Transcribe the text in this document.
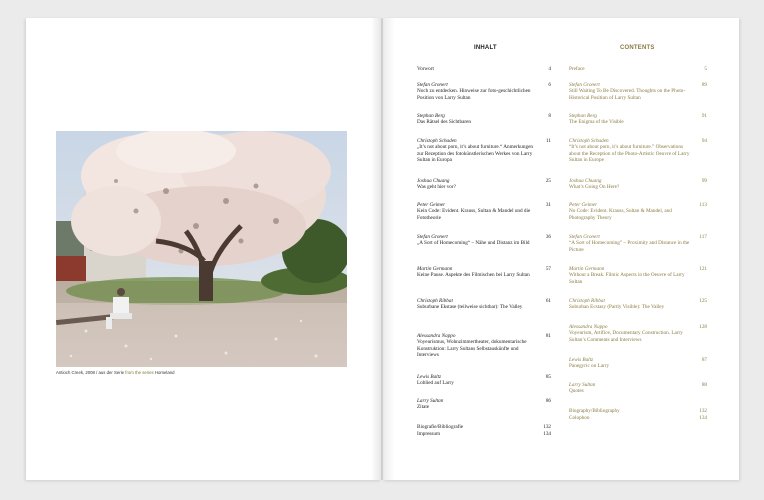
Antioch Creek, 2008 / aus der Serie from the series Homeland
INHALT	CONTENTS
Vorwort	4
Stefan Gronert
Noch zu entdecken. Hinweise zur foto-geschichtlichen Position von Larry Sultan
6
Stephan Berg
Das Rätsel des Sichtbaren
8
Christoph Schaden
„It’s not about porn, it’s about furniture.“ Anmerkungen zur Rezeption des fotokünstlerischen Werkes von Larry Sultan in Europa
11
Joshua Chuang
Was geht hier vor?
25
Peter Geimer
Kein Code: Evident. Krauss, Sultan & Mandel und die Fototheorie
31
Stefan Gronert
„A Sort of Homecoming“ – Nähe und Distanz im Bild
36
Martin Germann
Keine Pause. Aspekte des Filmischen bei Larry Sultan
57
Christoph Ribbat
Suburbane Ekstase (teilweise sichtbar): The Valley
61
Alessandra Nappo
Voyeurismus, Wohnzimmertheater, dokumentarische Konstruktion: Larry Sultans Selbstauskünfte und Interviews
81
Lewis Baltz
Loblied auf Larry
85
Larry Sultan
Zitate
86
Biografie/Bibliografie	132
Impressum	134
Preface	5
Stefan Gronert
Still Waiting To Be Discovered. Thoughts on the Photo-Historical Position of Larry Sultan
89
Stephan Berg
The Enigma of the Visible
91
Christoph Schaden
“It’s not about porn, it’s about furniture.” Observations about the Reception of the Photo-Artistic Oeuvre of Larry Sultan in Europe
94
Joshua Chuang
What’s Going On Here?
99
Peter Geimer
No Code: Evident. Krauss, Sultan & Mandel, and Photography Theory
113
Stefan Gronert
“A Sort of Homecoming” – Proximity and Distance in the Picture
117
Martin Germann
Without a Break. Filmic Aspects in the Oeuvre of Larry Sultan
121
Christoph Ribbat
Suburban Ecstasy (Partly Visible): The Valley
125
Alessandra Nappo
Voyeurism, Artifice, Documentary Construction. Larry Sultan’s Comments and Interviews
128
Lewis Baltz
Panegyric on Larry
87
Larry Sultan
Quotes
88
Biography/Bibliography	132
Colophon	134
